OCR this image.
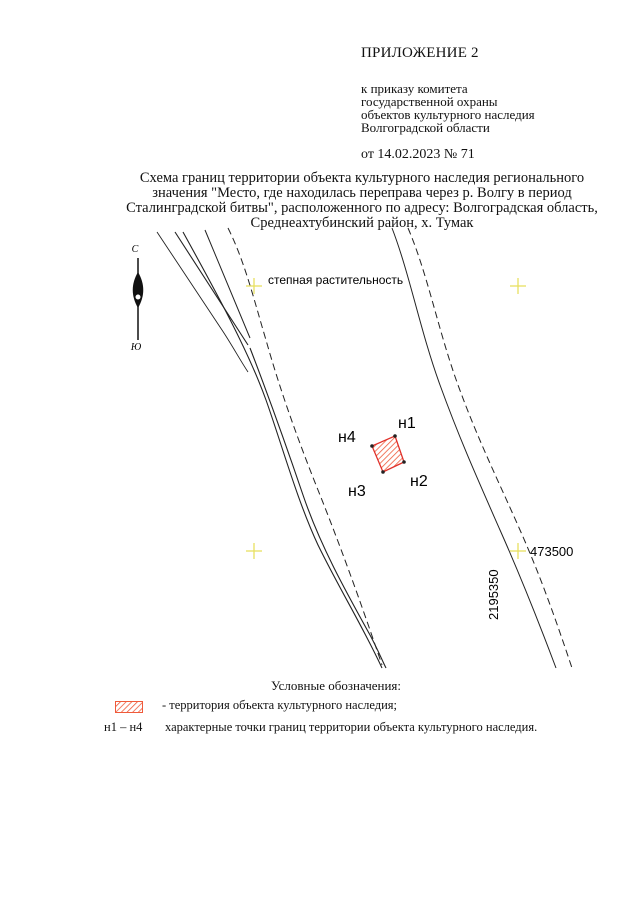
ПРИЛОЖЕНИЕ 2
к приказу комитета
государственной охраны
объектов культурного наследия
Волгоградской области
от 14.02.2023 № 71
Схема границ территории объекта культурного наследия регионального
значения "Место, где находилась переправа через р. Волгу в период
Сталинградской битвы", расположенного по адресу: Волгоградская область,
Среднеахтубинский район, х. Тумак
С
Ю
степная растительность
н1
н2
н3
н4
473500
2195350
Условные обозначения:
- территория объекта культурного наследия;
н1 – н4 характерные точки границ территории объекта культурного наследия.
